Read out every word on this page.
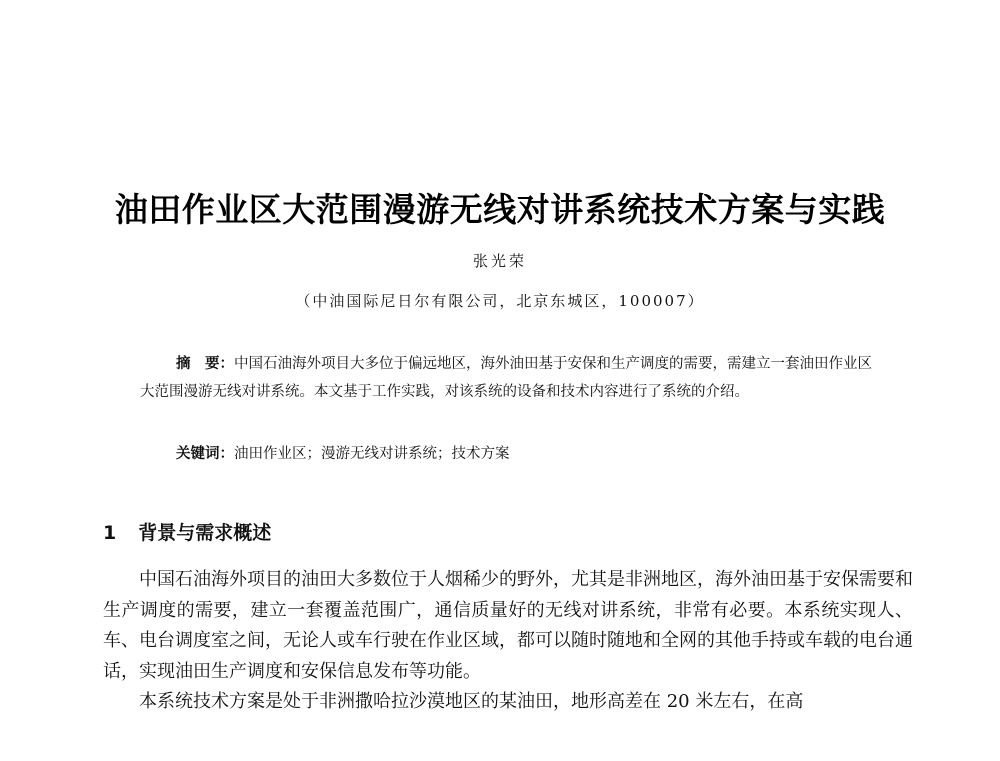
油田作业区大范围漫游无线对讲系统技术方案与实践

张光荣

（中油国际尼日尔有限公司，北京东城区，100007）

摘　要：中国石油海外项目大多位于偏远地区，海外油田基于安保和生产调度的需要，需建立一套油田作业区大范围漫游无线对讲系统。本文基于工作实践，对该系统的设备和技术内容进行了系统的介绍。

关键词：油田作业区；漫游无线对讲系统；技术方案

1 背景与需求概述

中国石油海外项目的油田大多数位于人烟稀少的野外，尤其是非洲地区，海外油田基于安保需要和生产调度的需要，建立一套覆盖范围广，通信质量好的无线对讲系统，非常有必要。本系统实现人、车、电台调度室之间，无论人或车行驶在作业区域，都可以随时随地和全网的其他手持或车载的电台通话，实现油田生产调度和安保信息发布等功能。

本系统技术方案是处于非洲撒哈拉沙漠地区的某油田，地形高差在 20 米左右，在高
